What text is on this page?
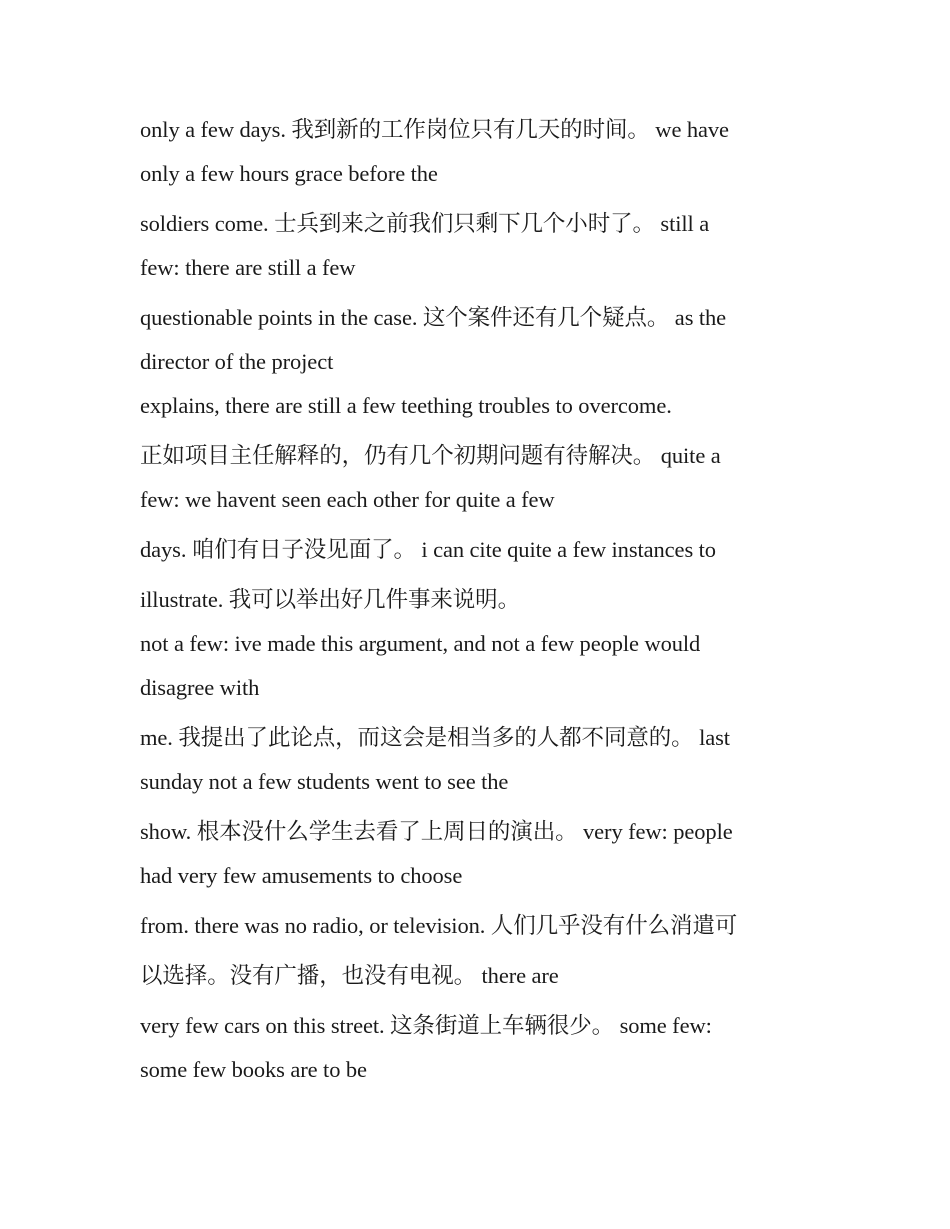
only a few days. 我到新的工作岗位只有几天的时间。 we have

only a few hours grace before the

soldiers come. 士兵到来之前我们只剩下几个小时了。 still a

few: there are still a few

questionable points in the case. 这个案件还有几个疑点。 as the

director of the project

explains, there are still a few teething troubles to overcome.

正如项目主任解释的，仍有几个初期问题有待解决。 quite a

few: we havent seen each other for quite a few

days. 咱们有日子没见面了。 i can cite quite a few instances to

illustrate. 我可以举出好几件事来说明。

not a few: ive made this argument, and not a few people would

disagree with

me. 我提出了此论点，而这会是相当多的人都不同意的。 last

sunday not a few students went to see the

show. 根本没什么学生去看了上周日的演出。 very few: people

had very few amusements to choose

from. there was no radio, or television. 人们几乎没有什么消遣可

以选择。没有广播，也没有电视。 there are

very few cars on this street. 这条街道上车辆很少。 some few:

some few books are to be
